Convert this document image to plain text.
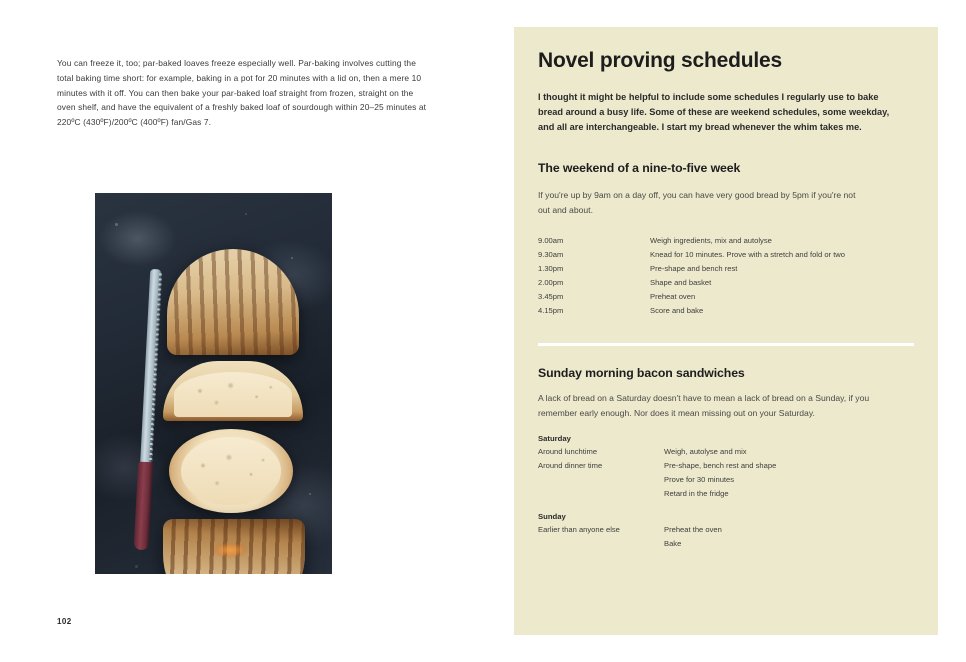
You can freeze it, too; par-baked loaves freeze especially well. Par-baking involves cutting the total baking time short: for example, baking in a pot for 20 minutes with a lid on, then a mere 10 minutes with it off. You can then bake your par-baked loaf straight from frozen, straight on the oven shelf, and have the equivalent of a freshly baked loaf of sourdough within 20–25 minutes at 220ºC (430ºF)/200ºC (400ºF) fan/Gas 7.

102
Novel proving schedules

I thought it might be helpful to include some schedules I regularly use to bake bread around a busy life. Some of these are weekend schedules, some weekday, and all are interchangeable. I start my bread whenever the whim takes me.

The weekend of a nine-to-five week

If you're up by 9am on a day off, you can have very good bread by 5pm if you're not out and about.

9.00am	Weigh ingredients, mix and autolyse
9.30am	Knead for 10 minutes. Prove with a stretch and fold or two
1.30pm	Pre-shape and bench rest
2.00pm	Shape and basket
3.45pm	Preheat oven
4.15pm	Score and bake
Sunday morning bacon sandwiches

A lack of bread on a Saturday doesn't have to mean a lack of bread on a Sunday, if you remember early enough. Nor does it mean missing out on your Saturday.

Saturday
Around lunchtime	Weigh, autolyse and mix
Around dinner time	Pre-shape, bench rest and shape
	Prove for 30 minutes
	Retard in the fridge
Sunday
Earlier than anyone else	Preheat the oven
	Bake
